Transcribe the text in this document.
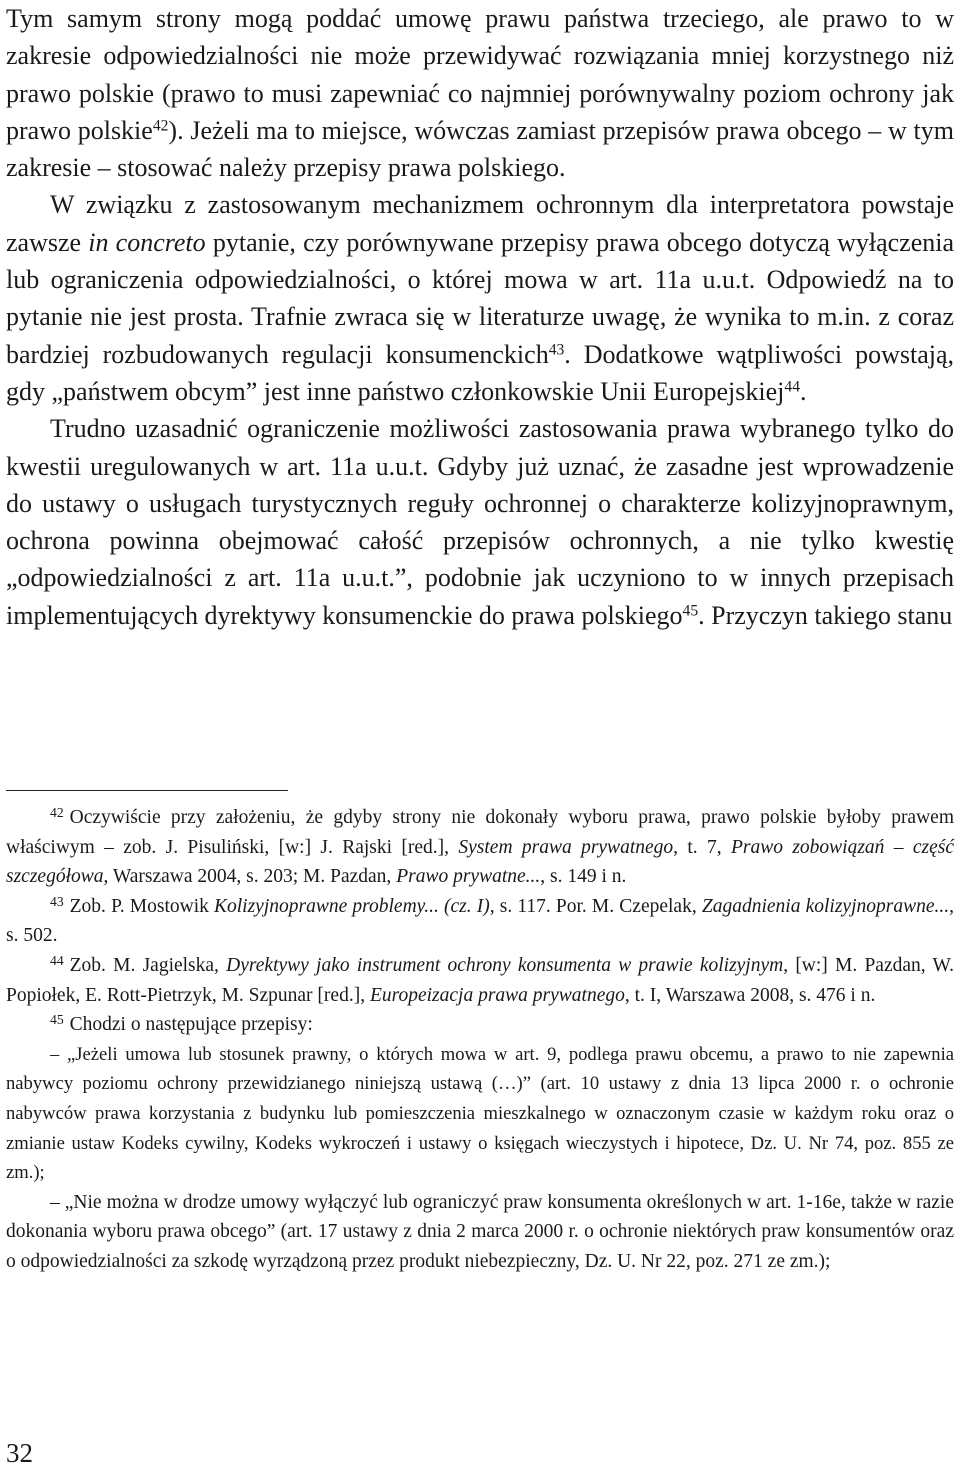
Tym samym strony mogą poddać umowę prawu państwa trzeciego, ale prawo to w zakresie odpowiedzialności nie może przewidywać rozwiązania mniej korzystnego niż prawo polskie (prawo to musi zapewniać co najmniej porównywalny poziom ochrony jak prawo polskie$^{42}$). Jeżeli ma to miejsce, wówczas zamiast przepisów prawa obcego – w tym zakresie – stosować należy przepisy prawa polskiego.

W związku z zastosowanym mechanizmem ochronnym dla interpretatora powstaje zawsze in concreto pytanie, czy porównywane przepisy prawa obcego dotyczą wyłączenia lub ograniczenia odpowiedzialności, o której mowa w art. 11a u.u.t. Odpowiedź na to pytanie nie jest prosta. Trafnie zwraca się w literaturze uwagę, że wynika to m.in. z coraz bardziej rozbudowanych regulacji konsumenckich$^{43}$. Dodatkowe wątpliwości powstają, gdy „państwem obcym” jest inne państwo członkowskie Unii Europejskiej$^{44}$.

Trudno uzasadnić ograniczenie możliwości zastosowania prawa wybranego tylko do kwestii uregulowanych w art. 11a u.u.t. Gdyby już uznać, że zasadne jest wprowadzenie do ustawy o usługach turystycznych reguły ochronnej o charakterze kolizyjnoprawnym, ochrona powinna obejmować całość przepisów ochronnych, a nie tylko kwestię „odpowiedzialności z art. 11a u.u.t.”, podobnie jak uczyniono to w innych przepisach implementujących dyrektywy konsumenckie do prawa polskiego$^{45}$. Przyczyn takiego stanu

$^{42}$ Oczywiście przy założeniu, że gdyby strony nie dokonały wyboru prawa, prawo polskie byłoby prawem właściwym – zob. J. Pisuliński, [w:] J. Rajski [red.], System prawa prywatnego, t. 7, Prawo zobowiązań – część szczegółowa, Warszawa 2004, s. 203; M. Pazdan, Prawo prywatne..., s. 149 i n.

$^{43}$ Zob. P. Mostowik Kolizyjnoprawne problemy... (cz. I), s. 117. Por. M. Czepelak, Zagadnienia kolizyjnoprawne..., s. 502.

$^{44}$ Zob. M. Jagielska, Dyrektywy jako instrument ochrony konsumenta w prawie kolizyjnym, [w:] M. Pazdan, W. Popiołek, E. Rott-Pietrzyk, M. Szpunar [red.], Europeizacja prawa prywatnego, t. I, Warszawa 2008, s. 476 i n.

$^{45}$ Chodzi o następujące przepisy:

– „Jeżeli umowa lub stosunek prawny, o których mowa w art. 9, podlega prawu obcemu, a prawo to nie zapewnia nabywcy poziomu ochrony przewidzianego niniejszą ustawą (…)” (art. 10 ustawy z dnia 13 lipca 2000 r. o ochronie nabywców prawa korzystania z budynku lub pomieszczenia mieszkalnego w oznaczonym czasie w każdym roku oraz o zmianie ustaw Kodeks cywilny, Kodeks wykroczeń i ustawy o księgach wieczystych i hipotece, Dz. U. Nr 74, poz. 855 ze zm.);

– „Nie można w drodze umowy wyłączyć lub ograniczyć praw konsumenta określonych w art. 1-16e, także w razie dokonania wyboru prawa obcego” (art. 17 ustawy z dnia 2 marca 2000 r. o ochronie niektórych praw konsumentów oraz o odpowiedzialności za szkodę wyrządzoną przez produkt niebezpieczny, Dz. U. Nr 22, poz. 271 ze zm.);

32
